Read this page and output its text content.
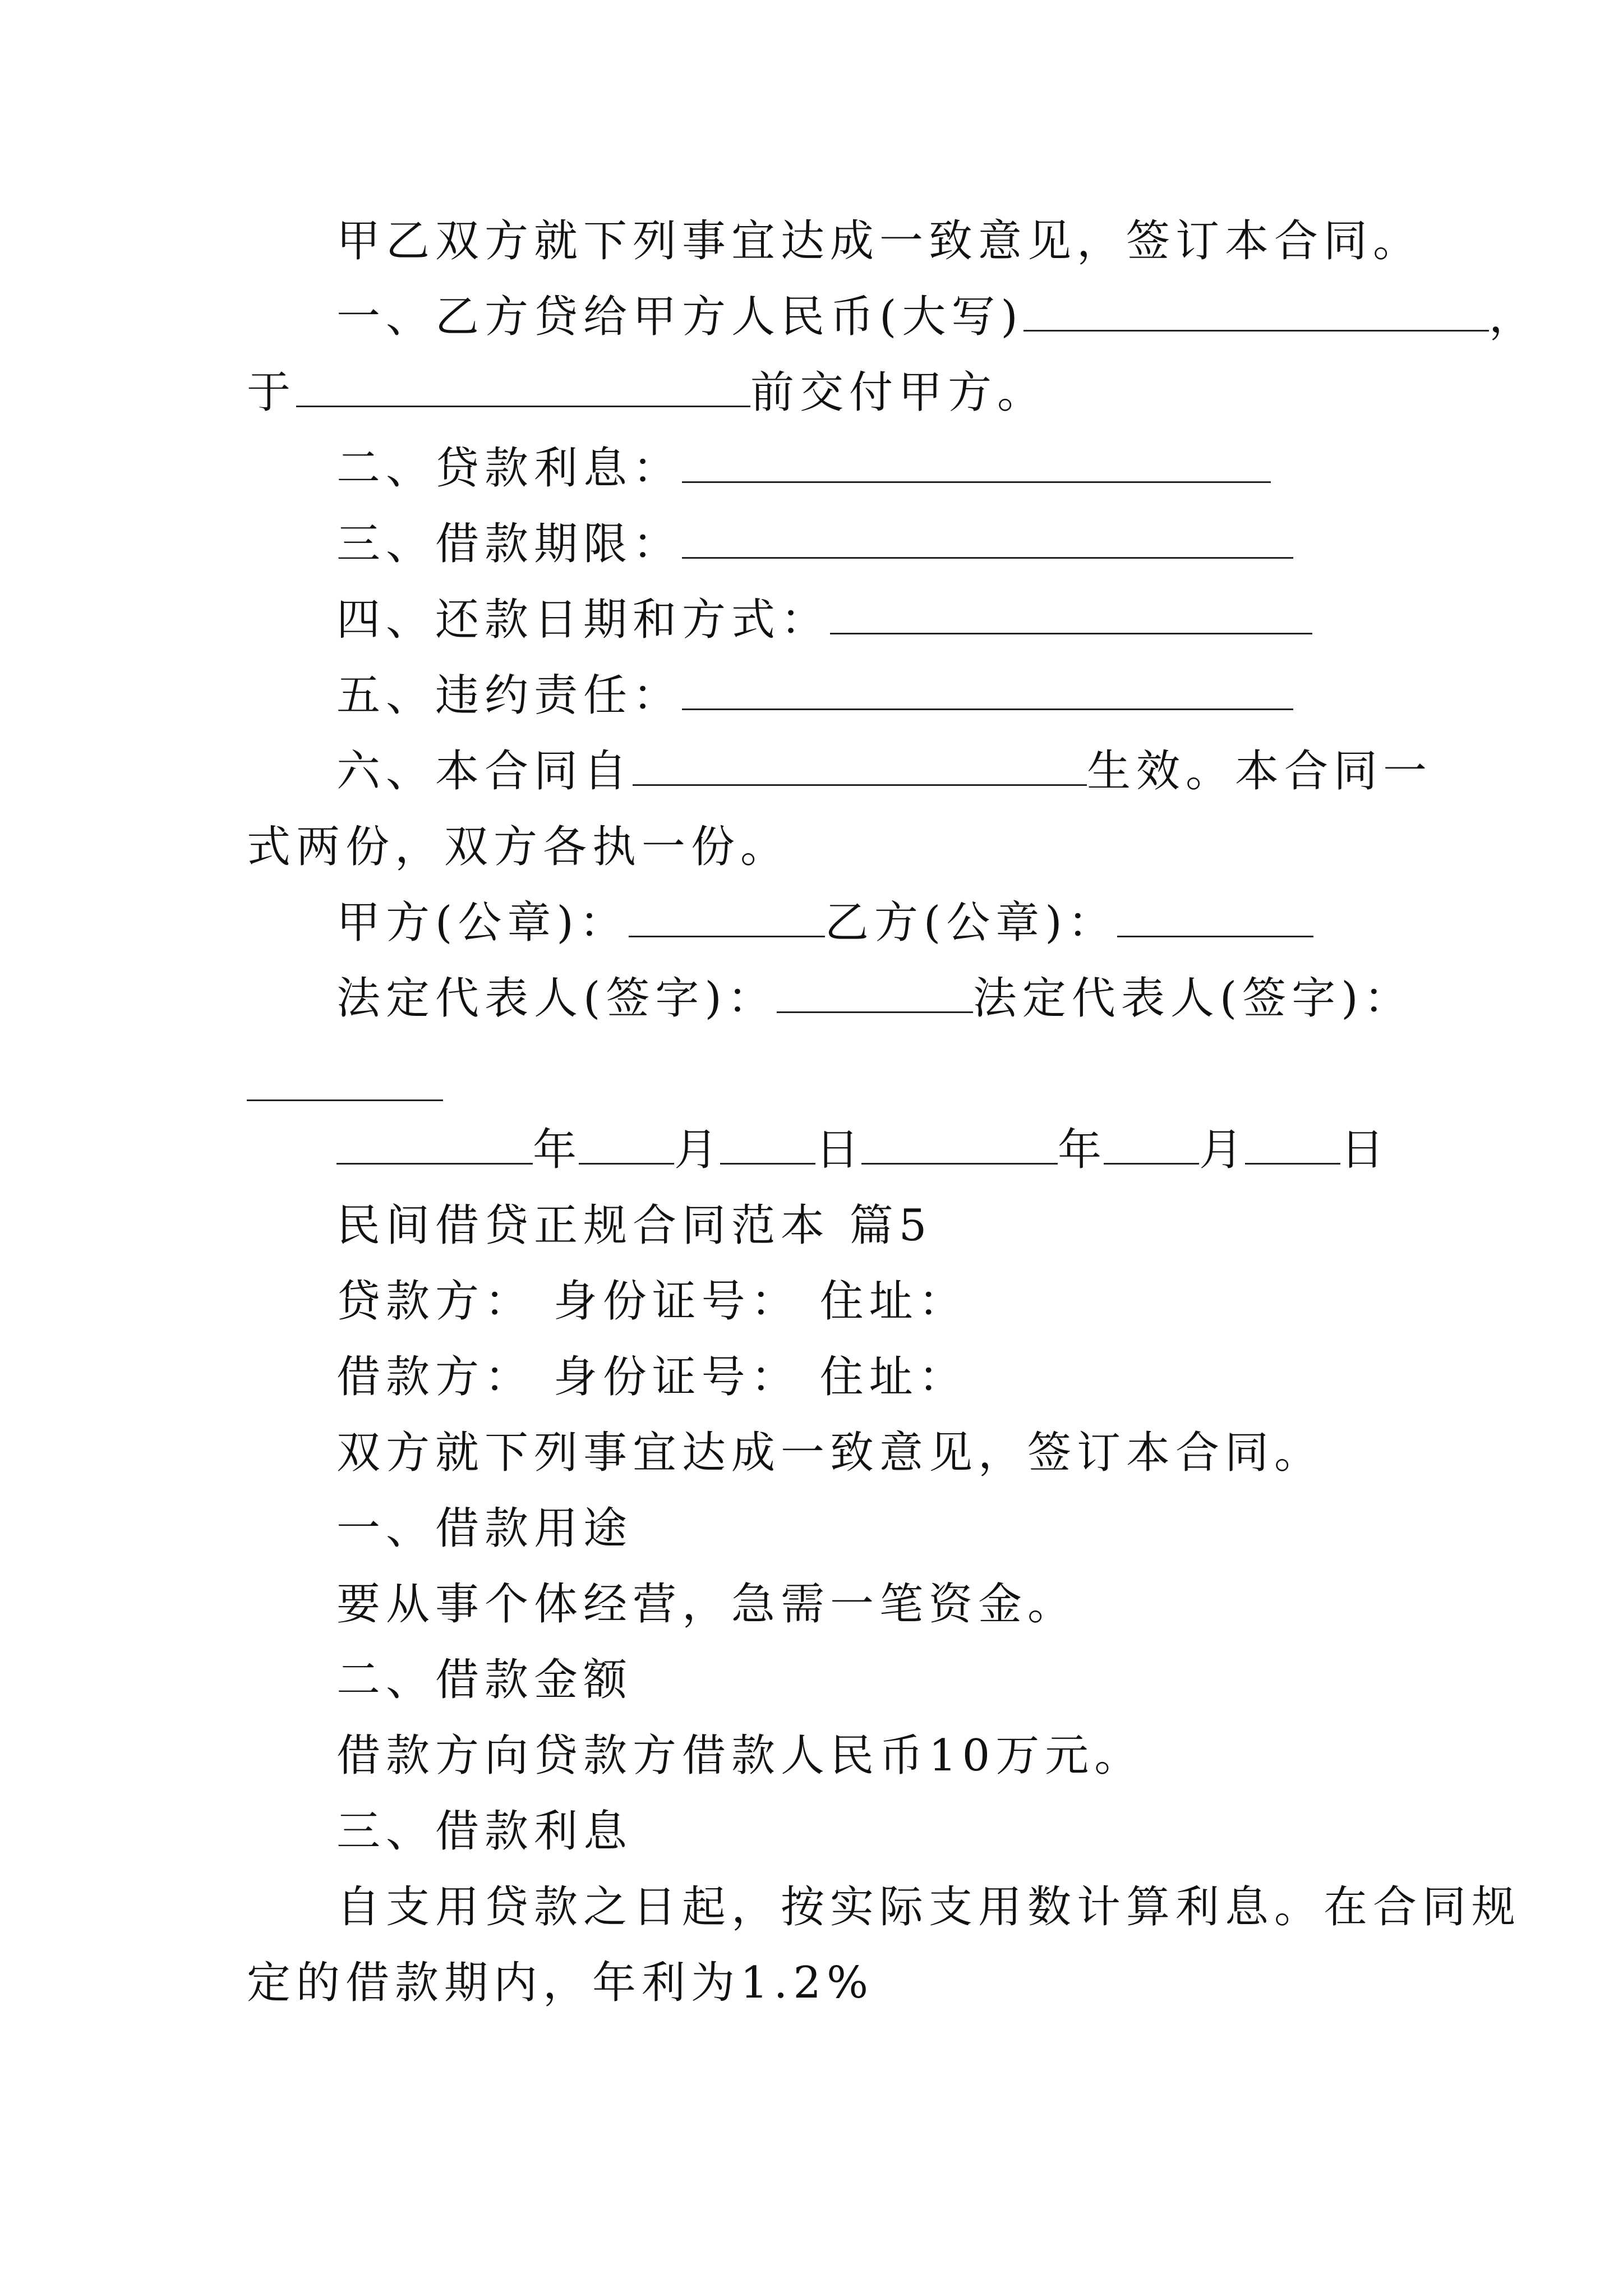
甲乙双方就下列事宜达成一致意见，签订本合同。
一、乙方贷给甲方人民币(大写)	，
于	前交付甲方。
二、贷款利息：
三、借款期限：
四、还款日期和方式：
五、违约责任：
六、本合同自	生效。本合同一
式两份，双方各执一份。
甲方(公章)：	乙方(公章)：
法定代表人(签字)：	法定代表人(签字)：
年 月 日	年 月 日
民间借贷正规合同范本 篇5
贷款方： 身份证号： 住址：
借款方： 身份证号： 住址：
双方就下列事宜达成一致意见，签订本合同。
一、借款用途
要从事个体经营，急需一笔资金。
二、借款金额
借款方向贷款方借款人民币10万元。
三、借款利息
自支用贷款之日起，按实际支用数计算利息。在合同规
定的借款期内，年利为1.2%
